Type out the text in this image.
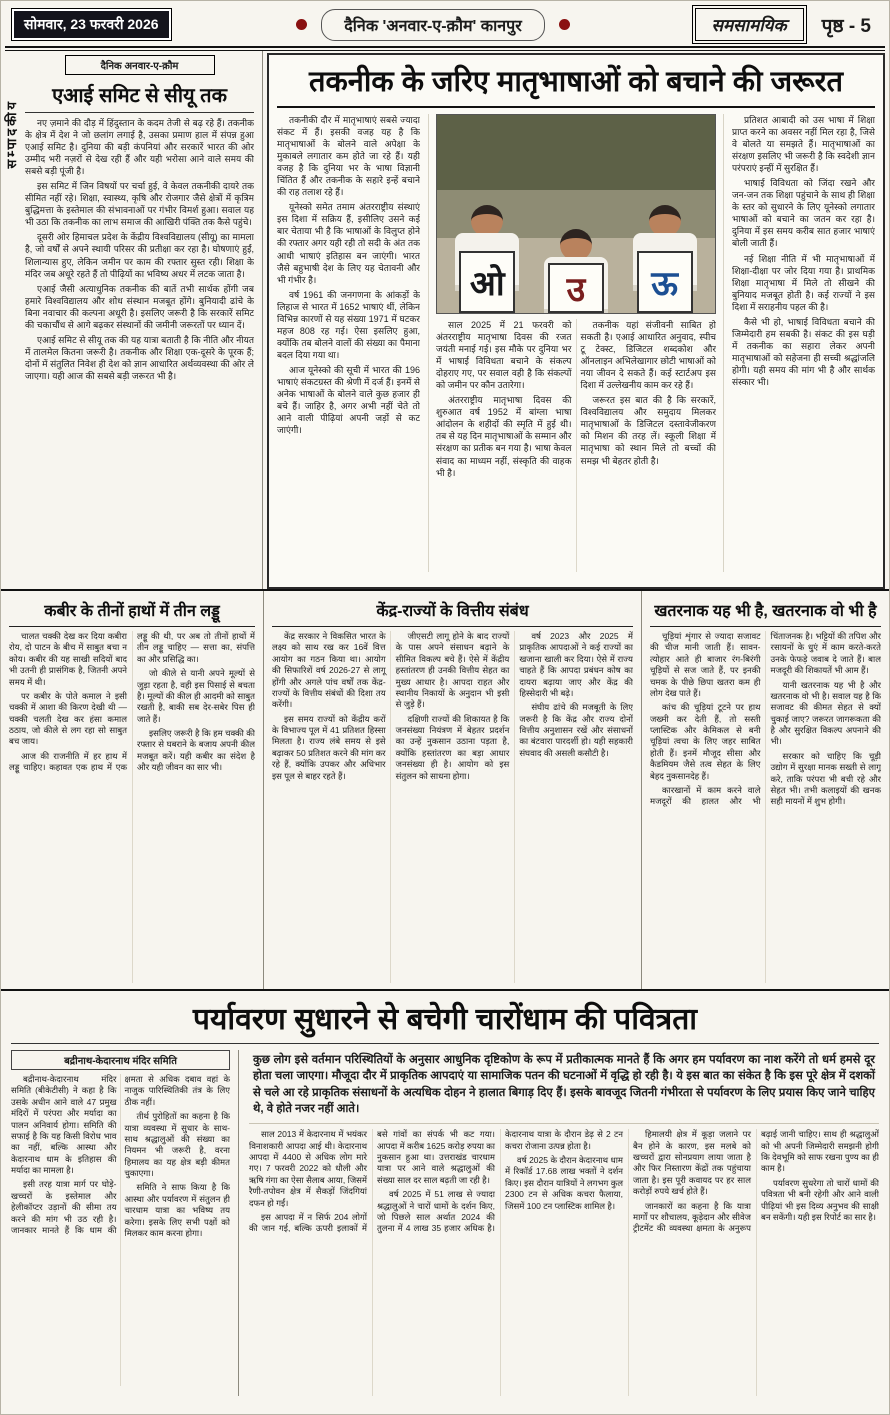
सोमवार, 23 फरवरी 2026	दैनिक 'अनवार-ए-क़ौम' कानपुर	समसामयिक	पृष्ठ - 5
सम्पादकीय
दैनिक अनवार-ए-क़ौम
एआई समिट से सीयू तक

नए ज़माने की दौड़ में हिंदुस्तान के कदम तेजी से बढ़ रहे हैं। तकनीक के क्षेत्र में देश ने जो छलांग लगाई है, उसका प्रमाण हाल में संपन्न हुआ एआई समिट है। दुनिया की बड़ी कंपनियां और सरकारें भारत की ओर उम्मीद भरी नज़रों से देख रही हैं और यही भरोसा आने वाले समय की सबसे बड़ी पूंजी है।

इस समिट में जिन विषयों पर चर्चा हुई, वे केवल तकनीकी दायरे तक सीमित नहीं रहे। शिक्षा, स्वास्थ्य, कृषि और रोजगार जैसे क्षेत्रों में कृत्रिम बुद्धिमत्ता के इस्तेमाल की संभावनाओं पर गंभीर विमर्श हुआ। सवाल यह भी उठा कि तकनीक का लाभ समाज की आखिरी पंक्ति तक कैसे पहुंचे।

दूसरी ओर हिमाचल प्रदेश के केंद्रीय विश्वविद्यालय (सीयू) का मामला है, जो वर्षों से अपने स्थायी परिसर की प्रतीक्षा कर रहा है। घोषणाएं हुईं, शिलान्यास हुए, लेकिन जमीन पर काम की रफ्तार सुस्त रही। शिक्षा के मंदिर जब अधूरे रहते हैं तो पीढ़ियों का भविष्य अधर में लटक जाता है।

एआई जैसी अत्याधुनिक तकनीक की बातें तभी सार्थक होंगी जब हमारे विश्वविद्यालय और शोध संस्थान मजबूत होंगे। बुनियादी ढांचे के बिना नवाचार की कल्पना अधूरी है। इसलिए जरूरी है कि सरकारें समिट की चकाचौंध से आगे बढ़कर संस्थानों की जमीनी जरूरतों पर ध्यान दें।

एआई समिट से सीयू तक की यह यात्रा बताती है कि नीति और नीयत में तालमेल कितना जरूरी है। तकनीक और शिक्षा एक-दूसरे के पूरक हैं; दोनों में संतुलित निवेश ही देश को ज्ञान आधारित अर्थव्यवस्था की ओर ले जाएगा। यही आज की सबसे बड़ी जरूरत भी है।

तकनीक के जरिए मातृभाषाओं को बचाने की जरूरत

तकनीकी दौर में मातृभाषाएं सबसे ज्यादा संकट में हैं। इसकी वजह यह है कि मातृभाषाओं के बोलने वाले अपेक्षा के मुकाबले लगातार कम होते जा रहे हैं। यही वजह है कि दुनिया भर के भाषा विज्ञानी चिंतित हैं और तकनीक के सहारे इन्हें बचाने की राह तलाश रहे हैं।

यूनेस्को समेत तमाम अंतरराष्ट्रीय संस्थाएं इस दिशा में सक्रिय हैं, इसीलिए उसने कई बार चेताया भी है कि भाषाओं के विलुप्त होने की रफ्तार अगर यही रही तो सदी के अंत तक आधी भाषाएं इतिहास बन जाएंगी। भारत जैसे बहुभाषी देश के लिए यह चेतावनी और भी गंभीर है।

वर्ष 1961 की जनगणना के आंकड़ों के लिहाज से भारत में 1652 भाषाएं थीं, लेकिन विभिन्न कारणों से यह संख्या 1971 में घटकर महज 808 रह गई। ऐसा इसलिए हुआ, क्योंकि तब बोलने वालों की संख्या का पैमाना बदल दिया गया था।

आज यूनेस्को की सूची में भारत की 196 भाषाएं संकटग्रस्त की श्रेणी में दर्ज हैं। इनमें से अनेक भाषाओं के बोलने वाले कुछ हजार ही बचे हैं। जाहिर है, अगर अभी नहीं चेते तो आने वाली पीढ़ियां अपनी जड़ों से कट जाएंगी।

ओ	उ	ऊ

साल 2025 में 21 फरवरी को अंतरराष्ट्रीय मातृभाषा दिवस की रजत जयंती मनाई गई। इस मौके पर दुनिया भर में भाषाई विविधता बचाने के संकल्प दोहराए गए, पर सवाल वही है कि संकल्पों को जमीन पर कौन उतारेगा।

अंतरराष्ट्रीय मातृभाषा दिवस की शुरुआत वर्ष 1952 में बांग्ला भाषा आंदोलन के शहीदों की स्मृति में हुई थी। तब से यह दिन मातृभाषाओं के सम्मान और संरक्षण का प्रतीक बन गया है। भाषा केवल संवाद का माध्यम नहीं, संस्कृति की वाहक भी है।

तकनीक यहां संजीवनी साबित हो सकती है। एआई आधारित अनुवाद, स्पीच टू टेक्स्ट, डिजिटल शब्दकोश और ऑनलाइन अभिलेखागार छोटी भाषाओं को नया जीवन दे सकते हैं। कई स्टार्टअप इस दिशा में उल्लेखनीय काम कर रहे हैं।

जरूरत इस बात की है कि सरकारें, विश्वविद्यालय और समुदाय मिलकर मातृभाषाओं के डिजिटल दस्तावेजीकरण को मिशन की तरह लें। स्कूली शिक्षा में मातृभाषा को स्थान मिले तो बच्चों की समझ भी बेहतर होती है।

प्रतिशत आबादी को उस भाषा में शिक्षा प्राप्त करने का अवसर नहीं मिल रहा है, जिसे वे बोलते या समझते हैं। मातृभाषाओं का संरक्षण इसलिए भी जरूरी है कि स्वदेशी ज्ञान परंपराएं इन्हीं में सुरक्षित हैं।

भाषाई विविधता को जिंदा रखने और जन-जन तक शिक्षा पहुंचाने के साथ ही शिक्षा के स्तर को सुधारने के लिए यूनेस्को लगातार भाषाओं को बचाने का जतन कर रहा है। दुनिया में इस समय करीब सात हजार भाषाएं बोली जाती हैं।

नई शिक्षा नीति में भी मातृभाषाओं में शिक्षा-दीक्षा पर जोर दिया गया है। प्राथमिक शिक्षा मातृभाषा में मिले तो सीखने की बुनियाद मजबूत होती है। कई राज्यों ने इस दिशा में सराहनीय पहल की है।

कैसे भी हो, भाषाई विविधता बचाने की जिम्मेदारी हम सबकी है। संकट की इस घड़ी में तकनीक का सहारा लेकर अपनी मातृभाषाओं को सहेजना ही सच्ची श्रद्धांजलि होगी। यही समय की मांग भी है और सार्थक संस्कार भी।

कबीर के तीनों हाथों में तीन लड्डू

चालत चक्की देख कर दिया कबीरा रोय, दो पाटन के बीच में साबुत बचा न कोय। कबीर की यह साखी सदियों बाद भी उतनी ही प्रासंगिक है, जितनी अपने समय में थी।

पर कबीर के पोते कमाल ने इसी चक्की में आशा की किरण देखी थी — चक्की चलती देख कर हंसा कमाल ठठाय, जो कीले से लग रहा सो साबुत बच जाय।

आज की राजनीति में हर हाथ में लड्डू चाहिए। कहावत एक हाथ में एक लड्डू की थी, पर अब तो तीनों हाथों में तीन लड्डू चाहिए — सत्ता का, संपत्ति का और प्रसिद्धि का।

जो कीले से यानी अपने मूल्यों से जुड़ा रहता है, वही इस पिसाई से बचता है। मूल्यों की कील ही आदमी को साबुत रखती है, बाकी सब देर-सबेर पिस ही जाते हैं।

इसलिए जरूरी है कि हम चक्की की रफ्तार से घबराने के बजाय अपनी कील मजबूत करें। यही कबीर का संदेश है और यही जीवन का सार भी।

केंद्र-राज्यों के वित्तीय संबंध

केंद्र सरकार ने विकसित भारत के लक्ष्य को साथ रख कर 16वें वित्त आयोग का गठन किया था। आयोग की सिफारिशें वर्ष 2026-27 से लागू होंगी और अगले पांच वर्षों तक केंद्र-राज्यों के वित्तीय संबंधों की दिशा तय करेंगी।

इस समय राज्यों को केंद्रीय करों के विभाज्य पूल में 41 प्रतिशत हिस्सा मिलता है। राज्य लंबे समय से इसे बढ़ाकर 50 प्रतिशत करने की मांग कर रहे हैं, क्योंकि उपकर और अधिभार इस पूल से बाहर रहते हैं।

जीएसटी लागू होने के बाद राज्यों के पास अपने संसाधन बढ़ाने के सीमित विकल्प बचे हैं। ऐसे में केंद्रीय हस्तांतरण ही उनकी वित्तीय सेहत का मुख्य आधार है। आपदा राहत और स्थानीय निकायों के अनुदान भी इसी से जुड़े हैं।

दक्षिणी राज्यों की शिकायत है कि जनसंख्या नियंत्रण में बेहतर प्रदर्शन का उन्हें नुकसान उठाना पड़ता है, क्योंकि हस्तांतरण का बड़ा आधार जनसंख्या ही है। आयोग को इस संतुलन को साधना होगा।

वर्ष 2023 और 2025 में प्राकृतिक आपदाओं ने कई राज्यों का खजाना खाली कर दिया। ऐसे में राज्य चाहते हैं कि आपदा प्रबंधन कोष का दायरा बढ़ाया जाए और केंद्र की हिस्सेदारी भी बढ़े।

संघीय ढांचे की मजबूती के लिए जरूरी है कि केंद्र और राज्य दोनों वित्तीय अनुशासन रखें और संसाधनों का बंटवारा पारदर्शी हो। यही सहकारी संघवाद की असली कसौटी है।

खतरनाक यह भी है, खतरनाक वो भी है

चूड़ियां शृंगार से ज्यादा सजावट की चीज मानी जाती हैं। सावन-त्योहार आते ही बाजार रंग-बिरंगी चूड़ियों से सज जाते हैं, पर इनकी चमक के पीछे छिपा खतरा कम ही लोग देख पाते हैं।

कांच की चूड़ियां टूटने पर हाथ जख्मी कर देती हैं, तो सस्ती प्लास्टिक और केमिकल से बनी चूड़ियां त्वचा के लिए जहर साबित होती हैं। इनमें मौजूद सीसा और कैडमियम जैसे तत्व सेहत के लिए बेहद नुकसानदेह हैं।

कारखानों में काम करने वाले मजदूरों की हालत और भी चिंताजनक है। भट्टियों की तपिश और रसायनों के धुएं में काम करते-करते उनके फेफड़े जवाब दे जाते हैं। बाल मजदूरी की शिकायतें भी आम हैं।

यानी खतरनाक यह भी है और खतरनाक वो भी है। सवाल यह है कि सजावट की कीमत सेहत से क्यों चुकाई जाए? जरूरत जागरूकता की है और सुरक्षित विकल्प अपनाने की भी।

सरकार को चाहिए कि चूड़ी उद्योग में सुरक्षा मानक सख्ती से लागू करे, ताकि परंपरा भी बची रहे और सेहत भी। तभी कलाइयों की खनक सही मायनों में शुभ होगी।

पर्यावरण सुधारने से बचेगी चारोंधाम की पवित्रता
बद्रीनाथ-केदारनाथ मंदिर समिति

बद्रीनाथ-केदारनाथ मंदिर समिति (बीकेटीसी) ने कहा है कि उसके अधीन आने वाले 47 प्रमुख मंदिरों में परंपरा और मर्यादा का पालन अनिवार्य होगा। समिति की सफाई है कि यह किसी विरोध भाव का नहीं, बल्कि आस्था और केदारनाथ धाम के इतिहास की मर्यादा का मामला है।

इसी तरह यात्रा मार्ग पर घोड़े-खच्चरों के इस्तेमाल और हेलीकॉप्टर उड़ानों की सीमा तय करने की मांग भी उठ रही है। जानकार मानते हैं कि धाम की क्षमता से अधिक दबाव वहां के नाजुक पारिस्थितिकी तंत्र के लिए ठीक नहीं।

तीर्थ पुरोहितों का कहना है कि यात्रा व्यवस्था में सुधार के साथ-साथ श्रद्धालुओं की संख्या का नियमन भी जरूरी है, वरना हिमालय का यह क्षेत्र बड़ी कीमत चुकाएगा।

समिति ने साफ किया है कि आस्था और पर्यावरण में संतुलन ही चारधाम यात्रा का भविष्य तय करेगा। इसके लिए सभी पक्षों को मिलकर काम करना होगा।

कुछ लोग इसे वर्तमान परिस्थितियों के अनुसार आधुनिक दृष्टिकोण के रूप में प्रतीकात्मक मानते हैं कि अगर हम पर्यावरण का नाश करेंगे तो धर्म हमसे दूर होता चला जाएगा। मौजूदा दौर में प्राकृतिक आपदाएं या सामाजिक पतन की घटनाओं में वृद्धि हो रही है। ये इस बात का संकेत है कि इस पूरे क्षेत्र में दशकों से चले आ रहे प्राकृतिक संसाधनों के अत्यधिक दोहन ने हालात बिगाड़ दिए हैं। इसके बावजूद जितनी गंभीरता से पर्यावरण के लिए प्रयास किए जाने चाहिए थे, वे होते नजर नहीं आते।

साल 2013 में केदारनाथ में भयंकर विनाशकारी आपदा आई थी। केदारनाथ आपदा में 4400 से अधिक लोग मारे गए। 7 फरवरी 2022 को धौली और ऋषि गंगा का ऐसा सैलाब आया, जिसमें रैणी-तपोवन क्षेत्र में सैकड़ों जिंदगियां दफन हो गईं।

इस आपदा में न सिर्फ 204 लोगों की जान गई, बल्कि ऊपरी इलाकों में बसे गांवों का संपर्क भी कट गया। आपदा में करीब 1625 करोड़ रुपया का नुकसान हुआ था। उत्तराखंड चारधाम यात्रा पर आने वाले श्रद्धालुओं की संख्या साल दर साल बढ़ती जा रही है।

वर्ष 2025 में 51 लाख से ज्यादा श्रद्धालुओं ने चारों धामों के दर्शन किए, जो पिछले साल अर्थात 2024 की तुलना में 4 लाख 35 हजार अधिक है। केदारनाथ यात्रा के दौरान डेढ़ से 2 टन कचरा रोजाना उत्पन्न होता है।

वर्ष 2025 के दौरान केदारनाथ धाम में रिकॉर्ड 17.68 लाख भक्तों ने दर्शन किए। इस दौरान यात्रियों ने लगभग कुल 2300 टन से अधिक कचरा फैलाया, जिसमें 100 टन प्लास्टिक शामिल है।

हिमालयी क्षेत्र में कूड़ा जलाने पर बैन होने के कारण, इस मलबे को खच्चरों द्वारा सोनप्रयाग लाया जाता है और फिर निस्तारण केंद्रों तक पहुंचाया जाता है। इस पूरी कवायद पर हर साल करोड़ों रुपये खर्च होते हैं।

जानकारों का कहना है कि यात्रा मार्गों पर शौचालय, कूड़ेदान और सीवेज ट्रीटमेंट की व्यवस्था क्षमता के अनुरूप बढ़ाई जानी चाहिए। साथ ही श्रद्धालुओं को भी अपनी जिम्मेदारी समझनी होगी कि देवभूमि को साफ रखना पुण्य का ही काम है।

पर्यावरण सुधरेगा तो चारों धामों की पवित्रता भी बनी रहेगी और आने वाली पीढ़ियां भी इस दिव्य अनुभव की साक्षी बन सकेंगी। यही इस रिपोर्ट का सार है।
